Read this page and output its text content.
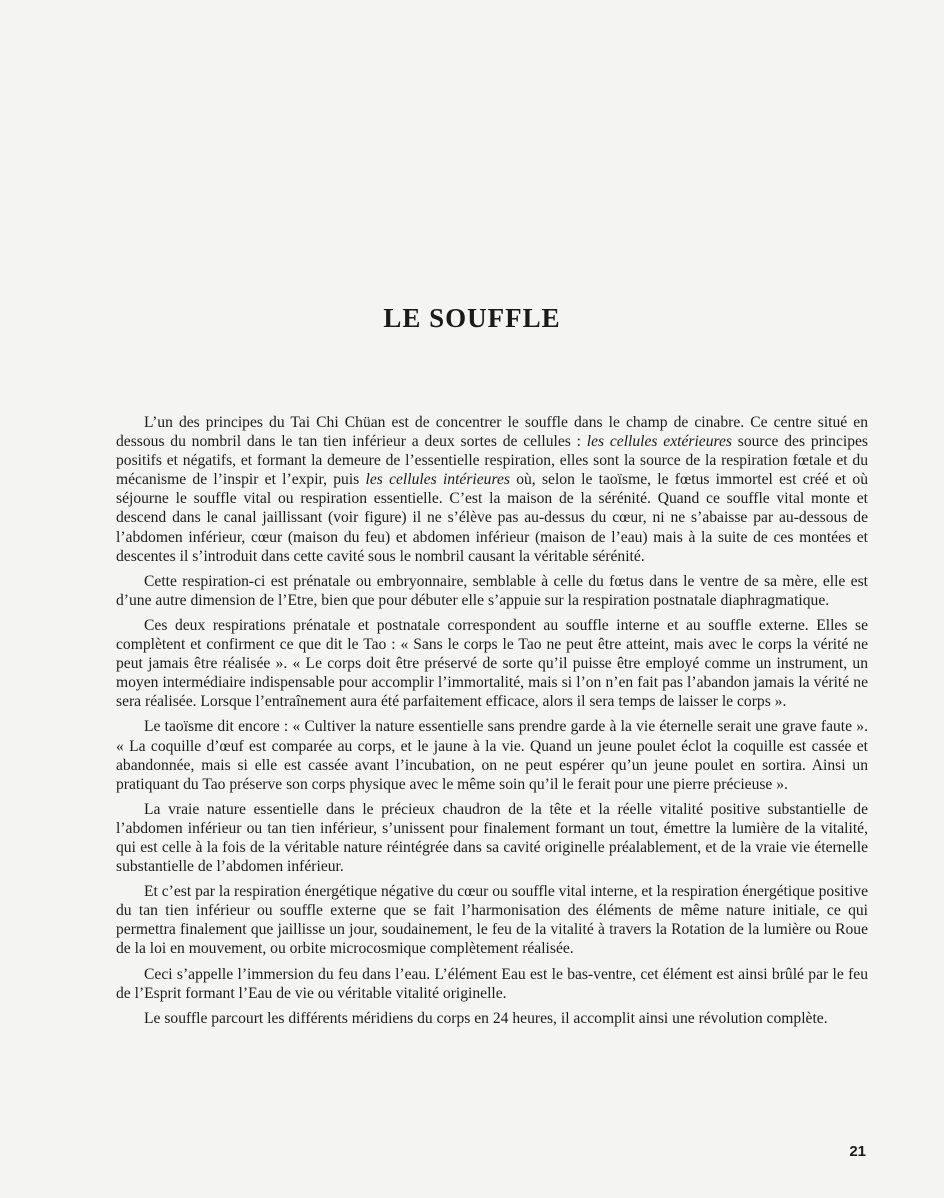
LE SOUFFLE

L’un des principes du Tai Chi Chüan est de concentrer le souffle dans le champ de cinabre. Ce centre situé en dessous du nombril dans le tan tien inférieur a deux sortes de cellules : les cellules extérieures source des principes positifs et négatifs, et formant la demeure de l’essentielle respiration, elles sont la source de la respiration fœtale et du mécanisme de l’inspir et l’expir, puis les cellules intérieures où, selon le taoïsme, le fœtus immortel est créé et où séjourne le souffle vital ou respiration essentielle. C’est la maison de la sérénité. Quand ce souffle vital monte et descend dans le canal jaillissant (voir figure) il ne s’élève pas au-dessus du cœur, ni ne s’abaisse par au-dessous de l’abdomen inférieur, cœur (maison du feu) et abdomen inférieur (maison de l’eau) mais à la suite de ces montées et descentes il s’introduit dans cette cavité sous le nombril causant la véritable sérénité.

Cette respiration-ci est prénatale ou embryonnaire, semblable à celle du fœtus dans le ventre de sa mère, elle est d’une autre dimension de l’Etre, bien que pour débuter elle s’appuie sur la respiration postnatale diaphragmatique.

Ces deux respirations prénatale et postnatale correspondent au souffle interne et au souffle externe. Elles se complètent et confirment ce que dit le Tao : « Sans le corps le Tao ne peut être atteint, mais avec le corps la vérité ne peut jamais être réalisée ». « Le corps doit être préservé de sorte qu’il puisse être employé comme un instrument, un moyen intermédiaire indispensable pour accomplir l’immortalité, mais si l’on n’en fait pas l’abandon jamais la vérité ne sera réalisée. Lorsque l’entraînement aura été parfaitement efficace, alors il sera temps de laisser le corps ».

Le taoïsme dit encore : « Cultiver la nature essentielle sans prendre garde à la vie éternelle serait une grave faute ». « La coquille d’œuf est comparée au corps, et le jaune à la vie. Quand un jeune poulet éclot la coquille est cassée et abandonnée, mais si elle est cassée avant l’incubation, on ne peut espérer qu’un jeune poulet en sortira. Ainsi un pratiquant du Tao préserve son corps physique avec le même soin qu’il le ferait pour une pierre précieuse ».

La vraie nature essentielle dans le précieux chaudron de la tête et la réelle vitalité positive substantielle de l’abdomen inférieur ou tan tien inférieur, s’unissent pour finalement formant un tout, émettre la lumière de la vitalité, qui est celle à la fois de la véritable nature réintégrée dans sa cavité originelle préalablement, et de la vraie vie éternelle substantielle de l’abdomen inférieur.

Et c’est par la respiration énergétique négative du cœur ou souffle vital interne, et la respiration énergétique positive du tan tien inférieur ou souffle externe que se fait l’harmonisation des éléments de même nature initiale, ce qui permettra finalement que jaillisse un jour, soudainement, le feu de la vitalité à travers la Rotation de la lumière ou Roue de la loi en mouvement, ou orbite microcosmique complètement réalisée.

Ceci s’appelle l’immersion du feu dans l’eau. L’élément Eau est le bas-ventre, cet élément est ainsi brûlé par le feu de l’Esprit formant l’Eau de vie ou véritable vitalité originelle.

Le souffle parcourt les différents méridiens du corps en 24 heures, il accomplit ainsi une révolution complète.

21
